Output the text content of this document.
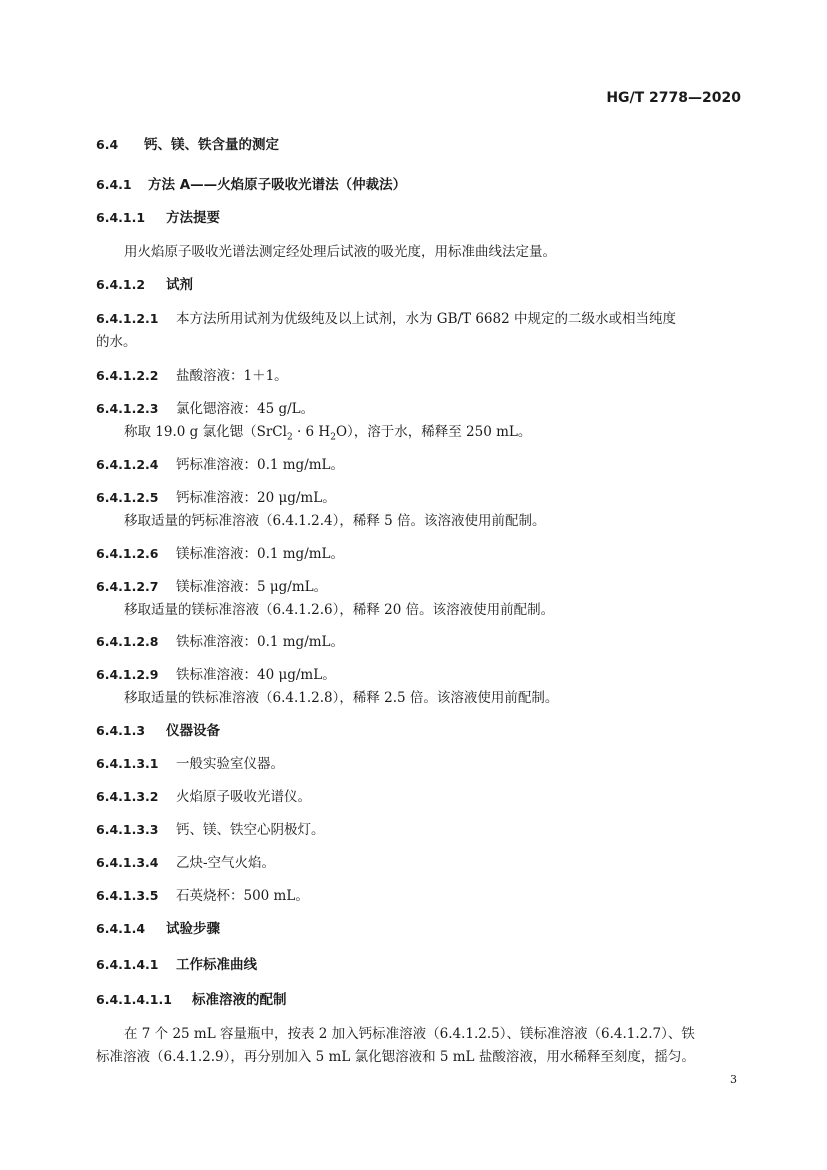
HG/T 2778—2020
6.4 钙、镁、铁含量的测定
6.4.1 方法 A——火焰原子吸收光谱法（仲裁法）
6.4.1.1 方法提要
用火焰原子吸收光谱法测定经处理后试液的吸光度，用标准曲线法定量。
6.4.1.2 试剂
6.4.1.2.1 本方法所用试剂为优级纯及以上试剂，水为 GB/T 6682 中规定的二级水或相当纯度
的水。
6.4.1.2.2 盐酸溶液：1＋1。
6.4.1.2.3 氯化锶溶液：45 g/L。
称取 19.0 g 氯化锶（SrCl$_2$ · 6 $H_2O$），溶于水，稀释至 250 mL。
6.4.1.2.4 钙标准溶液：0.1 mg/mL。
6.4.1.2.5 钙标准溶液：20 μg/mL。
移取适量的钙标准溶液（6.4.1.2.4），稀释 5 倍。该溶液使用前配制。
6.4.1.2.6 镁标准溶液：0.1 mg/mL。
6.4.1.2.7 镁标准溶液：5 μg/mL。
移取适量的镁标准溶液（6.4.1.2.6），稀释 20 倍。该溶液使用前配制。
6.4.1.2.8 铁标准溶液：0.1 mg/mL。
6.4.1.2.9 铁标准溶液：40 μg/mL。
移取适量的铁标准溶液（6.4.1.2.8），稀释 2.5 倍。该溶液使用前配制。
6.4.1.3 仪器设备
6.4.1.3.1 一般实验室仪器。
6.4.1.3.2 火焰原子吸收光谱仪。
6.4.1.3.3 钙、镁、铁空心阴极灯。
6.4.1.3.4 乙炔-空气火焰。
6.4.1.3.5 石英烧杯：500 mL。
6.4.1.4 试验步骤
6.4.1.4.1 工作标准曲线
6.4.1.4.1.1 标准溶液的配制
在 7 个 25 mL 容量瓶中，按表 2 加入钙标准溶液（6.4.1.2.5）、镁标准溶液（6.4.1.2.7）、铁
标准溶液（6.4.1.2.9），再分别加入 5 mL 氯化锶溶液和 5 mL 盐酸溶液，用水稀释至刻度，摇匀。
3
